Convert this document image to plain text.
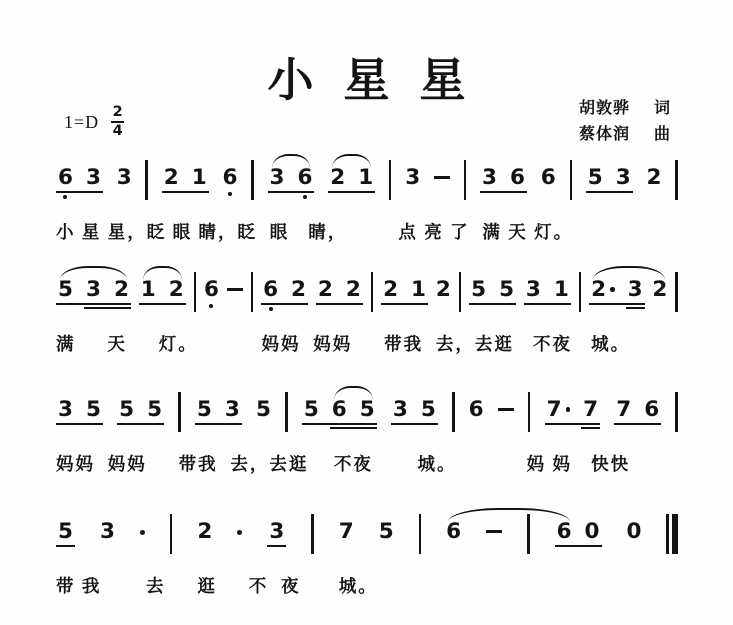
小星星
$1=D \frac{2}{4}$	胡敦骅 词
蔡体润 曲
6 3 3 2 1 6 3 6 2 1 3	3 6 6 5 3 2
小 星 星，眨 眼 睛，眨  眼   睛，        点 亮 了  满 天 灯。
5 3 2 1 2 6 6 2 2 2 2 1 2 5 5 3 1 2 3 2
满     天     灯。          妈妈  妈妈     带我  去，去逛   不夜   城。
3 5 5 5 5 3 5 5 6 5 3 5 6	7 7 7 6
妈妈  妈妈     带我  去，去逛    不夜       城。           妈 妈   快快
5 3	2	3	7 5 6	6 0 0
带 我       去     逛     不  夜      城。
